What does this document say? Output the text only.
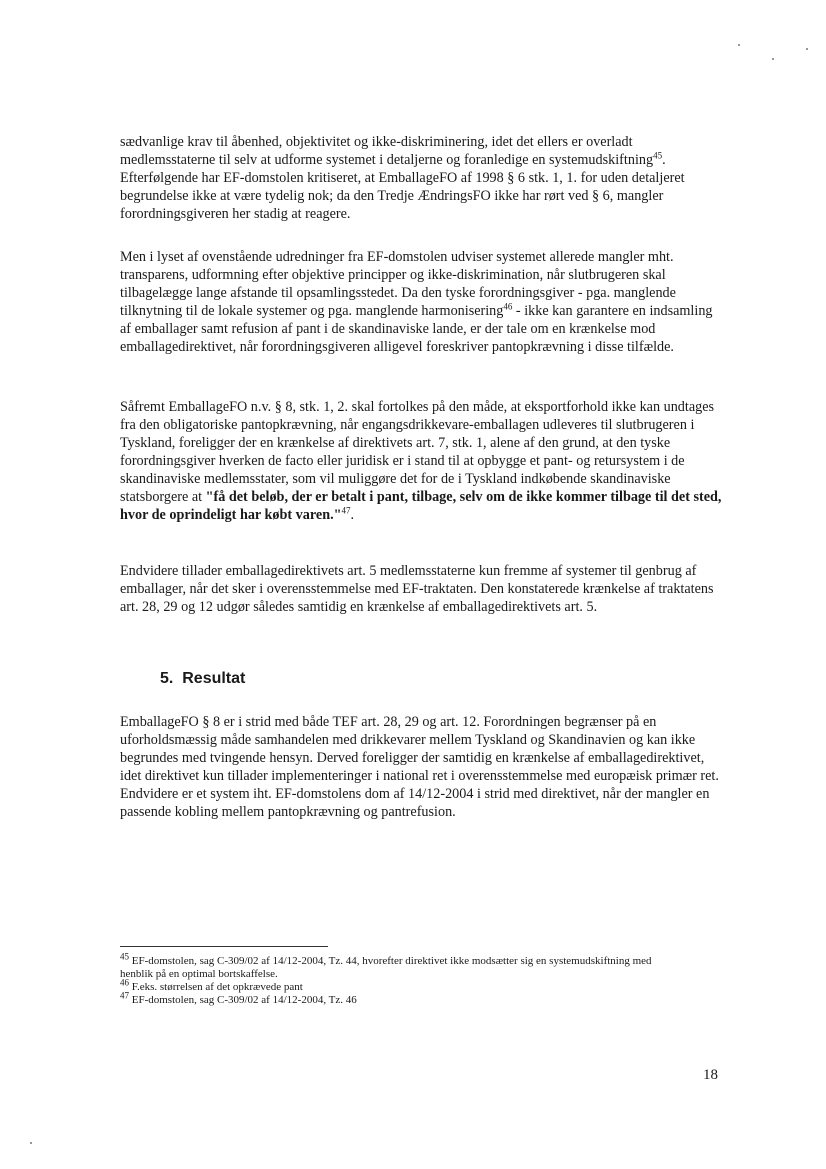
sædvanlige krav til åbenhed, objektivitet og ikke-diskriminering, idet det ellers er overladt medlemsstaterne til selv at udforme systemet i detaljerne og foranledige en systemudskiftning$^{45}$. Efterfølgende har EF-domstolen kritiseret, at EmballageFO af 1998 § 6 stk. 1, 1. for uden detaljeret begrundelse ikke at være tydelig nok; da den Tredje ÆndringsFO ikke har rørt ved § 6, mangler forordningsgiveren her stadig at reagere.

Men i lyset af ovenstående udredninger fra EF-domstolen udviser systemet allerede mangler mht. transparens, udformning efter objektive principper og ikke-diskrimination, når slutbrugeren skal tilbagelægge lange afstande til opsamlingsstedet. Da den tyske forordningsgiver - pga. manglende tilknytning til de lokale systemer og pga. manglende harmonisering$^{46}$ - ikke kan garantere en indsamling af emballager samt refusion af pant i de skandinaviske lande, er der tale om en krænkelse mod emballagedirektivet, når forordningsgiveren alligevel foreskriver pantopkrævning i disse tilfælde.

Såfremt EmballageFO n.v. § 8, stk. 1, 2. skal fortolkes på den måde, at eksportforhold ikke kan undtages fra den obligatoriske pantopkrævning, når engangsdrikkevare-emballagen udleveres til slutbrugeren i Tyskland, foreligger der en krænkelse af direktivets art. 7, stk. 1, alene af den grund, at den tyske forordningsgiver hverken de facto eller juridisk er i stand til at opbygge et pant- og retursystem i de skandinaviske medlemsstater, som vil muliggøre det for de i Tyskland indkøbende skandinaviske statsborgere at "få det beløb, der er betalt i pant, tilbage, selv om de ikke kommer tilbage til det sted, hvor de oprindeligt har købt varen."$^{47}$.

Endvidere tillader emballagedirektivets art. 5 medlemsstaterne kun fremme af systemer til genbrug af emballager, når det sker i overensstemmelse med EF-traktaten. Den konstaterede krænkelse af traktatens art. 28, 29 og 12 udgør således samtidig en krænkelse af emballagedirektivets art. 5.

5. Resultat

EmballageFO § 8 er i strid med både TEF art. 28, 29 og art. 12. Forordningen begrænser på en uforholdsmæssig måde samhandelen med drikkevarer mellem Tyskland og Skandinavien og kan ikke begrundes med tvingende hensyn. Derved foreligger der samtidig en krænkelse af emballagedirektivet, idet direktivet kun tillader implementeringer i national ret i overensstemmelse med europæisk primær ret. Endvidere er et system iht. EF-domstolens dom af 14/12-2004 i strid med direktivet, når der mangler en passende kobling mellem pantopkrævning og pantrefusion.

$^{45}$ EF-domstolen, sag C-309/02 af 14/12-2004, Tz. 44, hvorefter direktivet ikke modsætter sig en systemudskiftning med henblik på en optimal bortskaffelse.

$^{46}$ F.eks. størrelsen af det opkrævede pant

$^{47}$ EF-domstolen, sag C-309/02 af 14/12-2004, Tz. 46

18
